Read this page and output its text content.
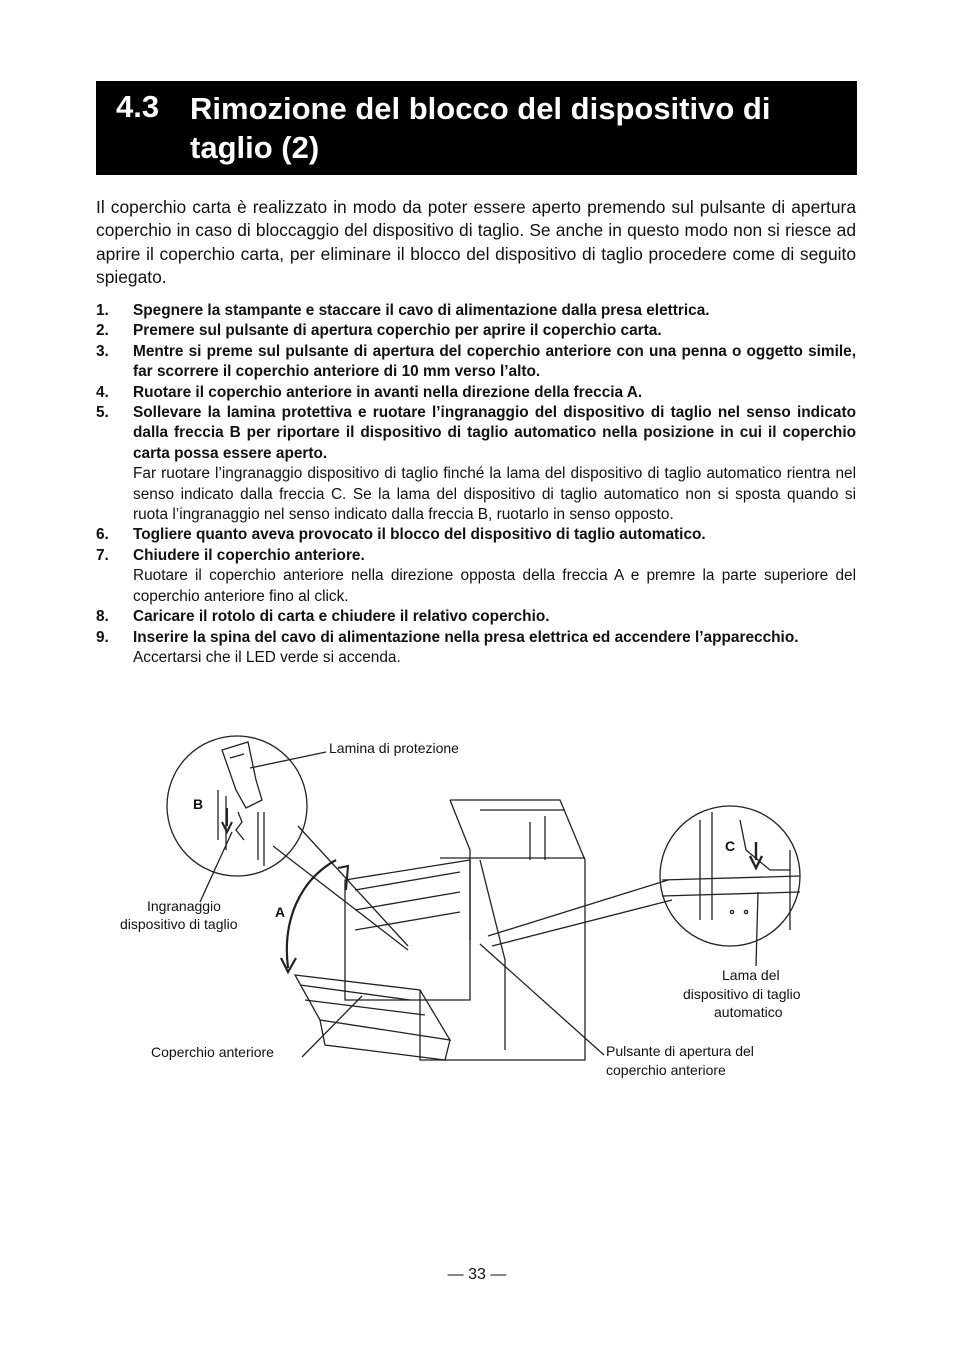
4.3 Rimozione del blocco del dispositivo di taglio (2)

Il coperchio carta è realizzato in modo da poter essere aperto premendo sul pulsante di apertura coperchio in caso di bloccaggio del dispositivo di taglio. Se anche in questo modo non si riesce ad aprire il coperchio carta, per eliminare il blocco del dispositivo di taglio procedere come di seguito spiegato.

1. Spegnere la stampante e staccare il cavo di alimentazione dalla presa elettrica.
2. Premere sul pulsante di apertura coperchio per aprire il coperchio carta.
3. Mentre si preme sul pulsante di apertura del coperchio anteriore con una penna o oggetto simile, far scorrere il coperchio anteriore di 10 mm verso l’alto.
4. Ruotare il coperchio anteriore in avanti nella direzione della freccia A.
5. Sollevare la lamina protettiva e ruotare l’ingranaggio del dispositivo di taglio nel senso indicato dalla freccia B per riportare il dispositivo di taglio automatico nella posizione in cui il coperchio carta possa essere aperto.
Far ruotare l’ingranaggio dispositivo di taglio finché la lama del dispositivo di taglio automatico rientra nel senso indicato dalla freccia C. Se la lama del dispositivo di taglio automatico non si sposta quando si ruota l’ingranaggio nel senso indicato dalla freccia B, ruotarlo in senso opposto.
6. Togliere quanto aveva provocato il blocco del dispositivo di taglio automatico.
7. Chiudere il coperchio anteriore.
Ruotare il coperchio anteriore nella direzione opposta della freccia A e premre la parte superiore del coperchio anteriore fino al click.
8. Caricare il rotolo di carta e chiudere il relativo coperchio.
9. Inserire la spina del cavo di alimentazione nella presa elettrica ed accendere l’apparecchio.
Accertarsi che il LED verde si accenda.
Lamina di protezione
B
A
C
Ingranaggio
dispositivo di taglio
Coperchio anteriore
Lama del
dispositivo di taglio
automatico
Pulsante di apertura del
coperchio anteriore
— 33 —
